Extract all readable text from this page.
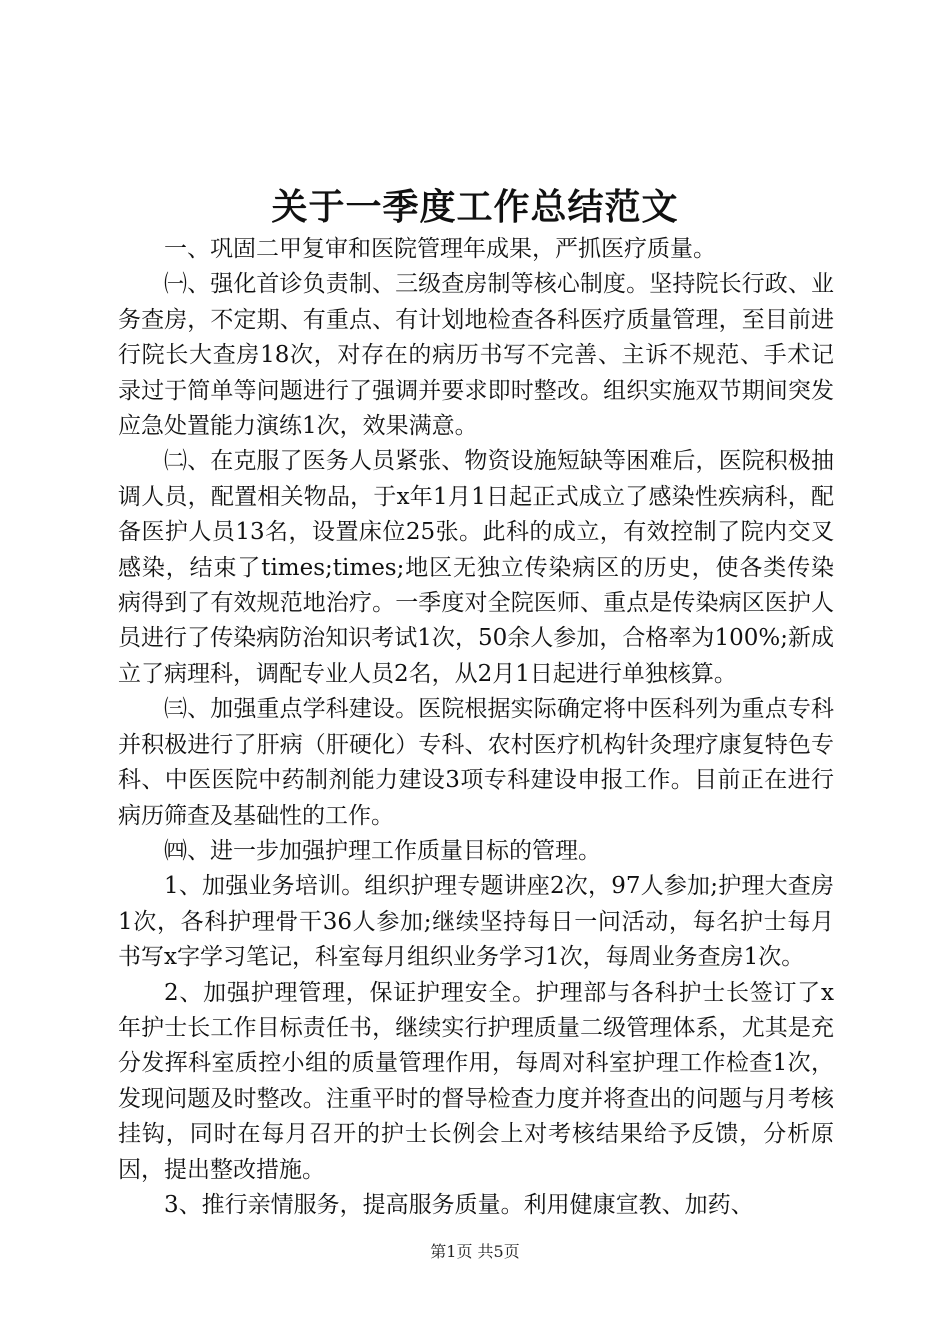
关于一季度工作总结范文

一、巩固二甲复审和医院管理年成果，严抓医疗质量。

㈠、强化首诊负责制、三级查房制等核心制度。坚持院长行政、业务查房，不定期、有重点、有计划地检查各科医疗质量管理，至目前进行院长大查房18次，对存在的病历书写不完善、主诉不规范、手术记录过于简单等问题进行了强调并要求即时整改。组织实施双节期间突发应急处置能力演练1次，效果满意。

㈡、在克服了医务人员紧张、物资设施短缺等困难后，医院积极抽调人员，配置相关物品，于x年1月1日起正式成立了感染性疾病科，配备医护人员13名，设置床位25张。此科的成立，有效控制了院内交叉感染，结束了times;times;地区无独立传染病区的历史，使各类传染病得到了有效规范地治疗。一季度对全院医师、重点是传染病区医护人员进行了传染病防治知识考试1次，50余人参加，合格率为100%;新成立了病理科，调配专业人员2名，从2月1日起进行单独核算。

㈢、加强重点学科建设。医院根据实际确定将中医科列为重点专科并积极进行了肝病（肝硬化）专科、农村医疗机构针灸理疗康复特色专科、中医医院中药制剂能力建设3项专科建设申报工作。目前正在进行病历筛查及基础性的工作。

㈣、进一步加强护理工作质量目标的管理。

1、加强业务培训。组织护理专题讲座2次，97人参加;护理大查房1次，各科护理骨干36人参加;继续坚持每日一问活动，每名护士每月书写x字学习笔记，科室每月组织业务学习1次，每周业务查房1次。

2、加强护理管理，保证护理安全。护理部与各科护士长签订了x年护士长工作目标责任书，继续实行护理质量二级管理体系，尤其是充分发挥科室质控小组的质量管理作用，每周对科室护理工作检查1次，发现问题及时整改。注重平时的督导检查力度并将查出的问题与月考核挂钩，同时在每月召开的护士长例会上对考核结果给予反馈，分析原因，提出整改措施。

3、推行亲情服务，提高服务质量。利用健康宣教、加药、

第1页 共5页
